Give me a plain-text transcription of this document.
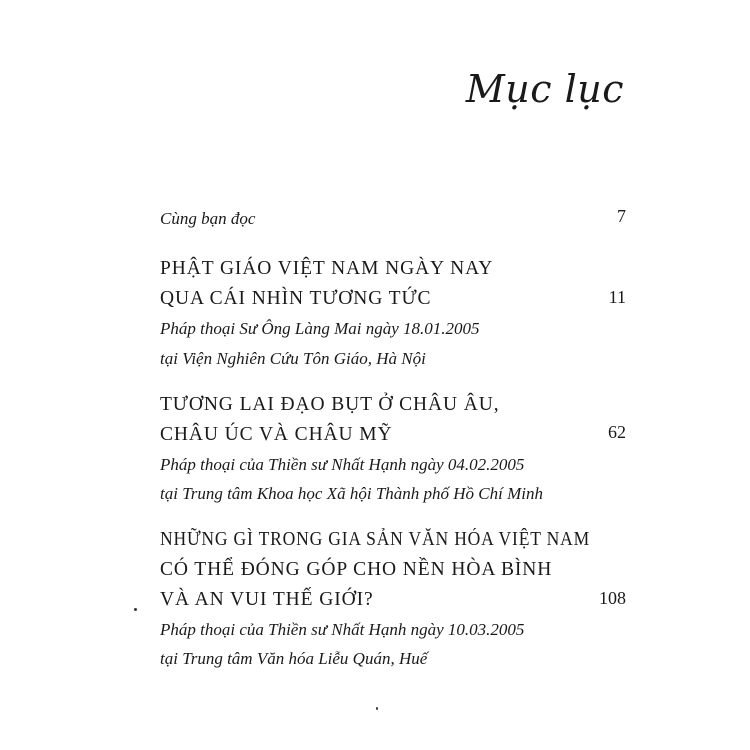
Mục lục
Cùng bạn đọc	7
PHẬT GIÁO VIỆT NAM NGÀY NAY
QUA CÁI NHÌN TƯƠNG TỨC	11
Pháp thoại Sư Ông Làng Mai ngày 18.01.2005
tại Viện Nghiên Cứu Tôn Giáo, Hà Nội
TƯƠNG LAI ĐẠO BỤT Ở CHÂU ÂU,
CHÂU ÚC VÀ CHÂU MỸ	62
Pháp thoại của Thiền sư Nhất Hạnh ngày 04.02.2005
tại Trung tâm Khoa học Xã hội Thành phố Hồ Chí Minh
NHỮNG GÌ TRONG GIA SẢN VĂN HÓA VIỆT NAM
CÓ THỂ ĐÓNG GÓP CHO NỀN HÒA BÌNH
VÀ AN VUI THẾ GIỚI?	108
Pháp thoại của Thiền sư Nhất Hạnh ngày 10.03.2005
tại Trung tâm Văn hóa Liễu Quán, Huế
